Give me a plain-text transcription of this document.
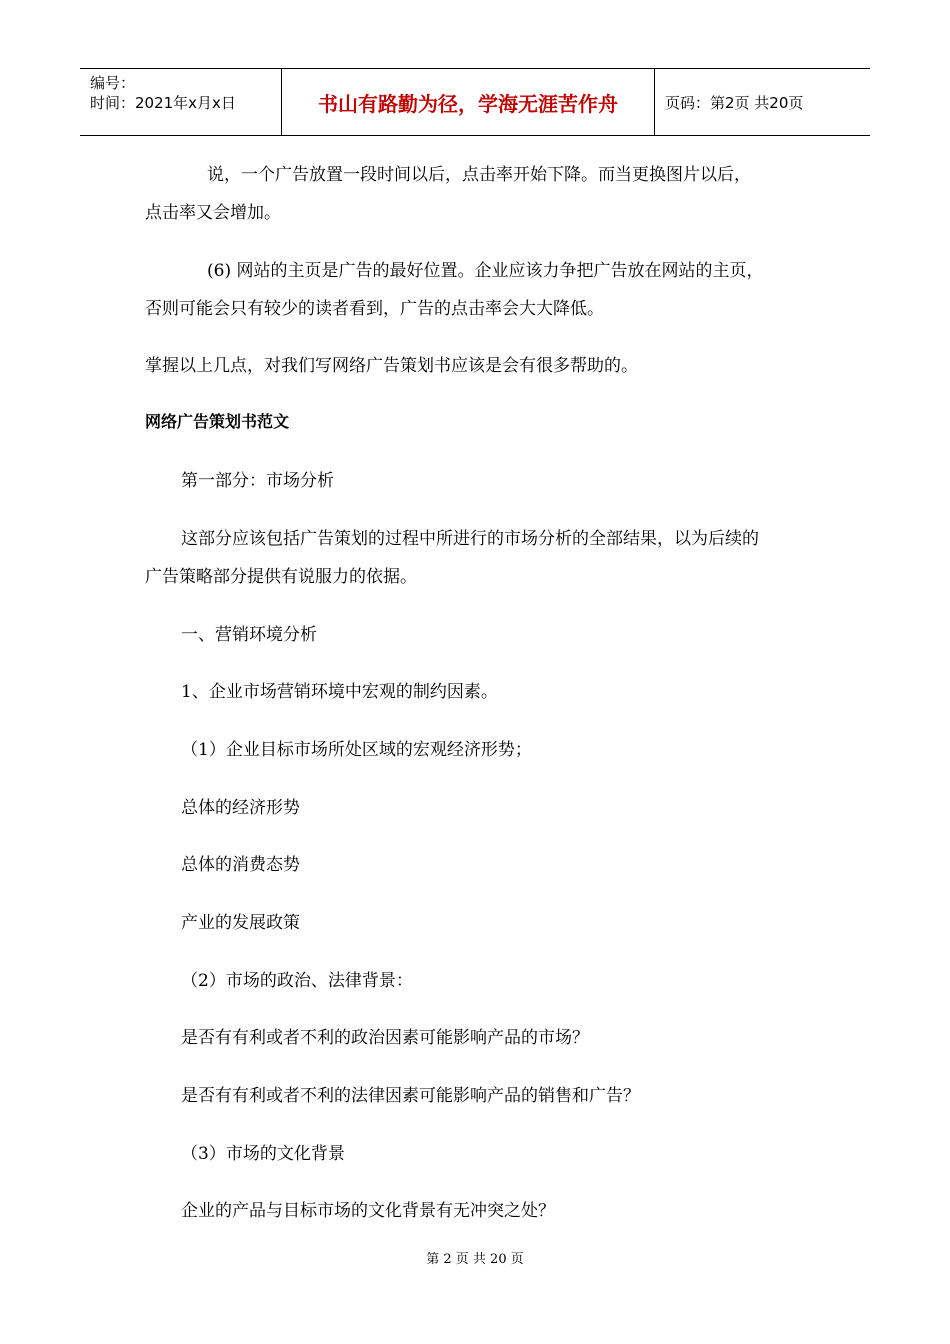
编号：
时间：2021年x月x日	书山有路勤为径，学海无涯苦作舟	页码：第2页 共20页
说，一个广告放置一段时间以后，点击率开始下降。而当更换图片以后，
点击率又会增加。
(6) 网站的主页是广告的最好位置。企业应该力争把广告放在网站的主页，
否则可能会只有较少的读者看到，广告的点击率会大大降低。
掌握以上几点，对我们写网络广告策划书应该是会有很多帮助的。
网络广告策划书范文
第一部分：市场分析
这部分应该包括广告策划的过程中所进行的市场分析的全部结果，以为后续的
广告策略部分提供有说服力的依据。
一、营销环境分析
1、企业市场营销环境中宏观的制约因素。
（1）企业目标市场所处区域的宏观经济形势；
总体的经济形势
总体的消费态势
产业的发展政策
（2）市场的政治、法律背景：
是否有有利或者不利的政治因素可能影响产品的市场？
是否有有利或者不利的法律因素可能影响产品的销售和广告？
（3）市场的文化背景
企业的产品与目标市场的文化背景有无冲突之处？
第 2 页 共 20 页
